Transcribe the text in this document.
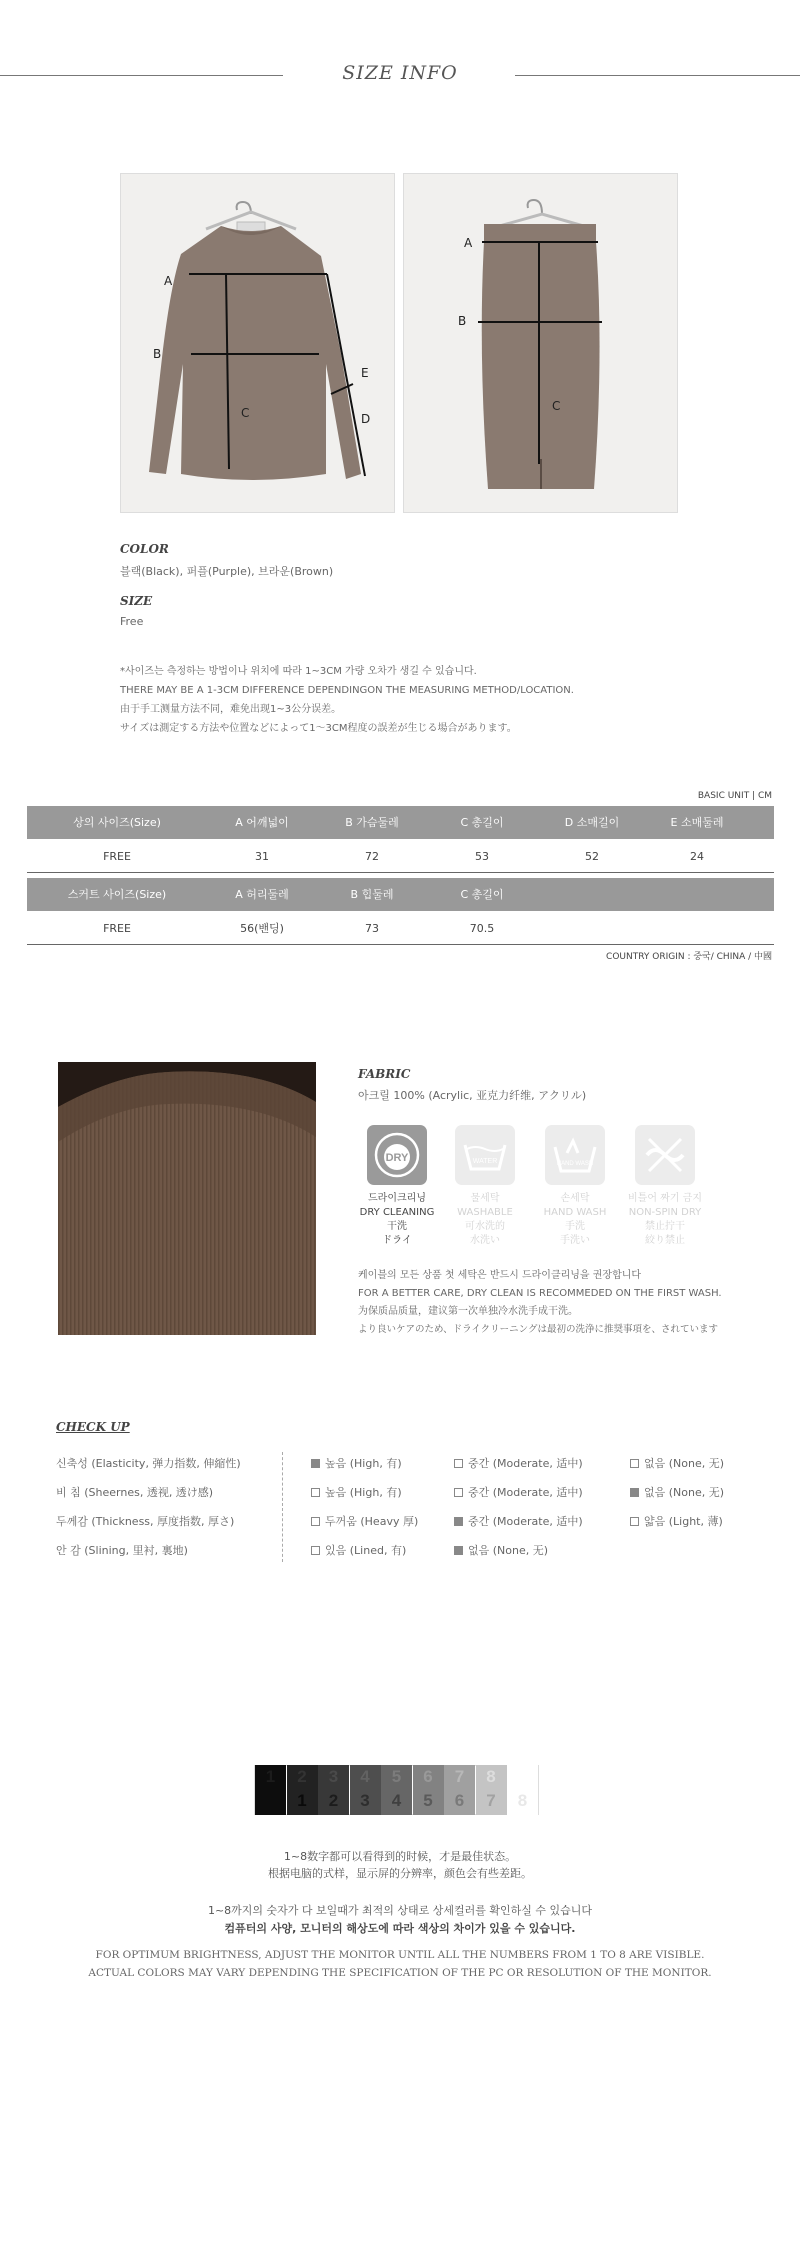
SIZE INFO
A
B
C	D
E
A
B
C
COLOR
블랙(Black), 퍼플(Purple), 브라운(Brown)
SIZE
Free
*사이즈는 측정하는 방법이나 위치에 따라 1~3CM 가량 오차가 생길 수 있습니다.
THERE MAY BE A 1-3CM DIFFERENCE DEPENDINGON THE MEASURING METHOD/LOCATION.
由于手工测量方法不同，难免出现1~3公分误差。
サイズは測定する方法や位置などによって1〜3CM程度の誤差が生じる場合があります。
BASIC UNIT | CM
상의 사이즈(Size)	A 어깨넓이	B 가슴둘레	C 총길이	D 소매길이	E 소매둘레
FREE	31	72	53	52	24
스커트 사이즈(Size)	A 허리둘레	B 힙둘레	C 총길이
FREE	56(밴딩)	73	70.5
COUNTRY ORIGIN : 중국/ CHINA / 中國
FABRIC
아크릴 100% (Acrylic, 亚克力纤维, アクリル)
DRY	WATER	HAND WASH
드라이크리닝
DRY CLEANING
干洗
ドライ
물세탁
WASHABLE
可水洗的
水洗い
손세탁
HAND WASH
手洗
手洗い
비틀어 짜기 금지
NON-SPIN DRY
禁止拧干
絞り禁止
케이블의 모든 상품 첫 세탁은 반드시 드라이클리닝을 권장합니다
FOR A BETTER CARE, DRY CLEAN IS RECOMMEDED ON THE FIRST WASH.
为保质品质量，建议第一次单独冷水洗手成干洗。
より良いケアのため、ドライクリーニングは最初の洗浄に推奨事項を、されています
CHECK UP
신축성 (Elasticity, 弹力指数, 伸縮性)	높음 (High, 有)	중간 (Moderate, 适中)	없음 (None, 无)
비 침 (Sheernes, 透视, 透け感)	높음 (High, 有)	중간 (Moderate, 适中)	없음 (None, 无)
두께감 (Thickness, 厚度指数, 厚さ)	두꺼움 (Heavy 厚)	중간 (Moderate, 适中)	얇음 (Light, 薄)
안 감 (Slining, 里衬, 裏地)	있음 (Lined, 有)	없음 (None, 无)
1	2
1
3
2
4
3
5
4
6
5
7
6
8
7	8
1~8数字都可以看得到的时候，才是最佳状态。
根据电脑的式样，显示屏的分辨率，颜色会有些差距。
1~8까지의 숫자가 다 보일때가 최적의 상태로 상세컬러를 확인하실 수 있습니다
컴퓨터의 사양, 모니터의 해상도에 따라 색상의 차이가 있을 수 있습니다.
FOR OPTIMUM BRIGHTNESS, ADJUST THE MONITOR UNTIL ALL THE NUMBERS FROM 1 TO 8 ARE VISIBLE.
ACTUAL COLORS MAY VARY DEPENDING THE SPECIFICATION OF THE PC OR RESOLUTION OF THE MONITOR.
